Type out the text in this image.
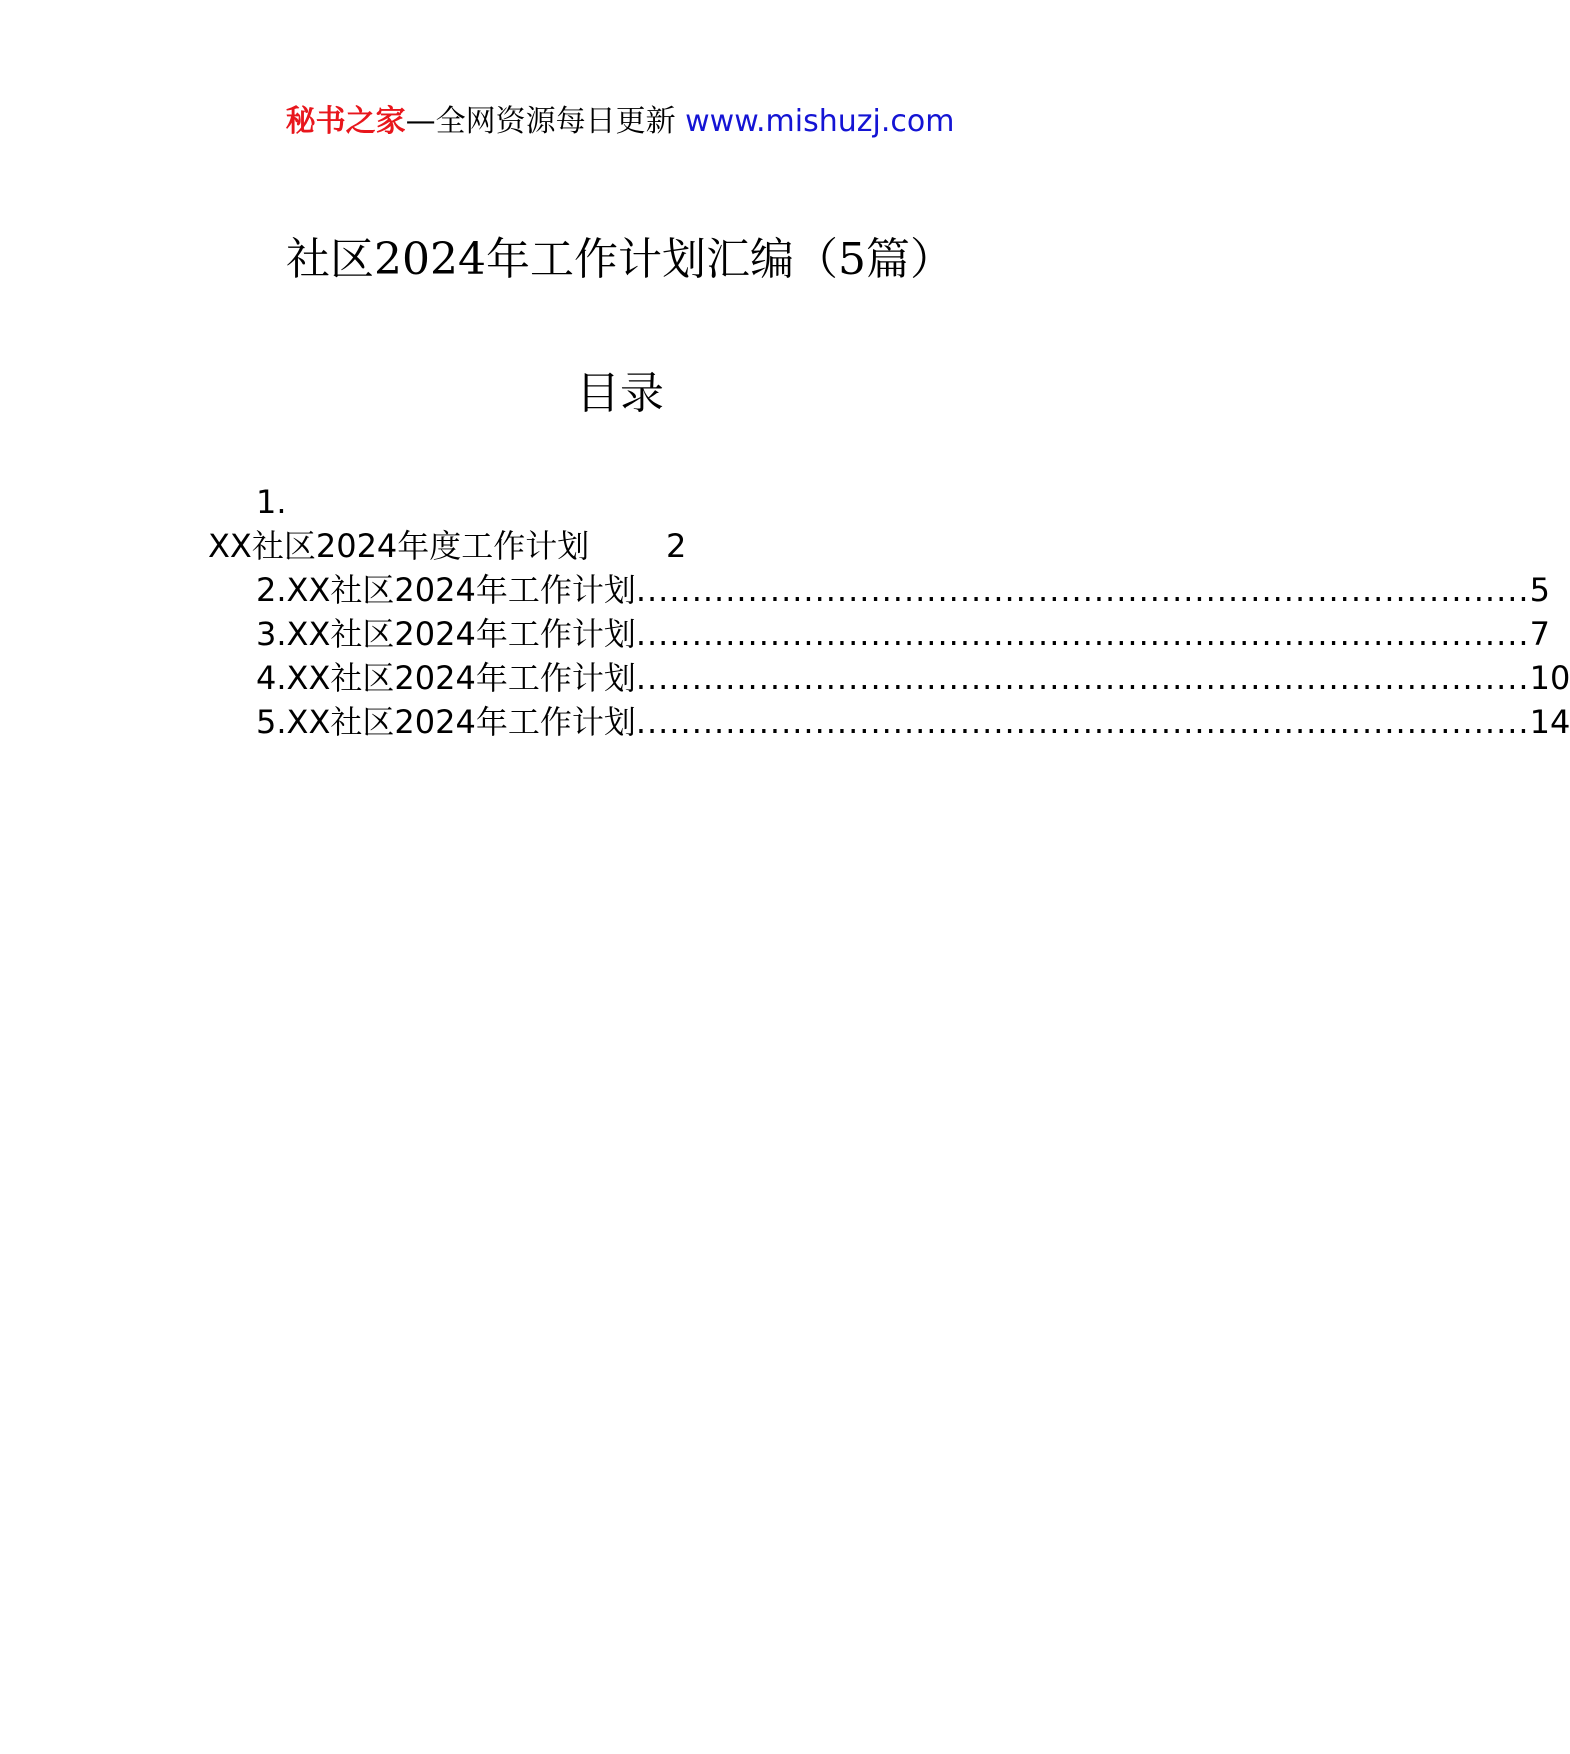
秘书之家—全网资源每日更新 www.mishuzj.com
社区2024年工作计划汇编（5篇）
目录
1.
XX社区2024年度工作计划 2
2.XX社区2024年工作计划 ................................................................................ 5
3.XX社区2024年工作计划 ................................................................................ 7
4.XX社区2024年工作计划 ................................................................................ 10
5.XX社区2024年工作计划 ................................................................................ 14
